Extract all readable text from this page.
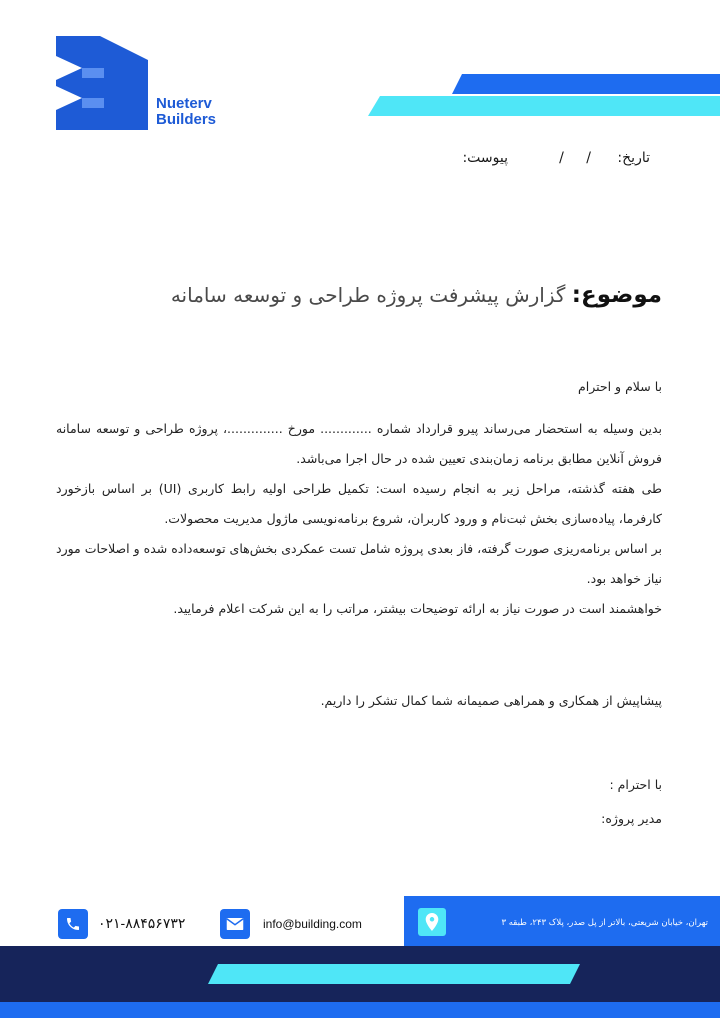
Nueterv
Builders
تاریخ: / /
پیوست:
موضوع: گزارش پیشرفت پروژه طراحی و توسعه سامانه
با سلام و احترام

بدین وسیله به استحضار می‌رساند پیرو قرارداد شماره ............. مورخ ..............، پروژه طراحی و توسعه سامانه فروش آنلاین مطابق برنامه زمان‌بندی تعیین شده در حال اجرا می‌باشد.

طی هفته گذشته، مراحل زیر به انجام رسیده است: تکمیل طراحی اولیه رابط کاربری (UI) بر اساس بازخورد کارفرما، پیاده‌سازی بخش ثبت‌نام و ورود کاربران، شروع برنامه‌نویسی ماژول مدیریت محصولات.

بر اساس برنامه‌ریزی صورت گرفته، فاز بعدی پروژه شامل تست عمکردی بخش‌های توسعه‌داده شده و اصلاحات مورد نیاز خواهد بود.

خواهشمند است در صورت نیاز به ارائه توضیحات بیشتر، مراتب را به این شرکت اعلام فرمایید.

پیشاپیش از همکاری و همراهی صمیمانه شما کمال تشکر را داریم.
با احترام :
مدیر پروژه:
۰۲۱-۸۸۴۵۶۷۳۲	info@building.com	تهران، خیابان شریعتی، بالاتر از پل صدر، پلاک ۲۴۳، طبقه ۳
